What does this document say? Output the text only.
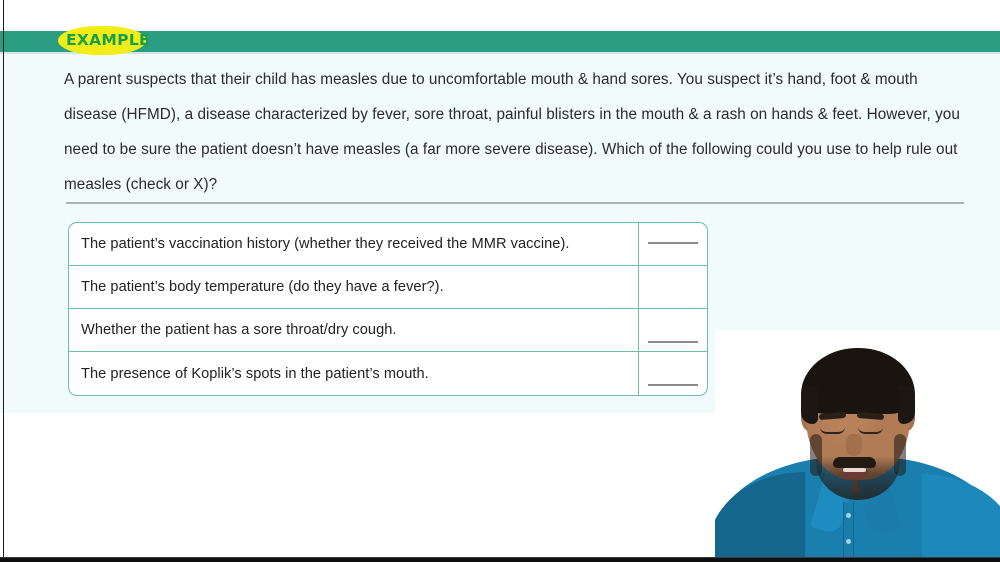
EXAMPLE
A parent suspects that their child has measles due to uncomfortable mouth & hand sores. You suspect it’s hand, foot & mouth disease (HFMD), a disease characterized by fever, sore throat, painful blisters in the mouth & a rash on hands & feet. However, you need to be sure the patient doesn’t have measles (a far more severe disease). Which of the following could you use to help rule out measles (check or X)?
The patient’s vaccination history (whether they received the MMR vaccine).
The patient’s body temperature (do they have a fever?).
Whether the patient has a sore throat/dry cough.
The presence of Koplik’s spots in the patient’s mouth.
